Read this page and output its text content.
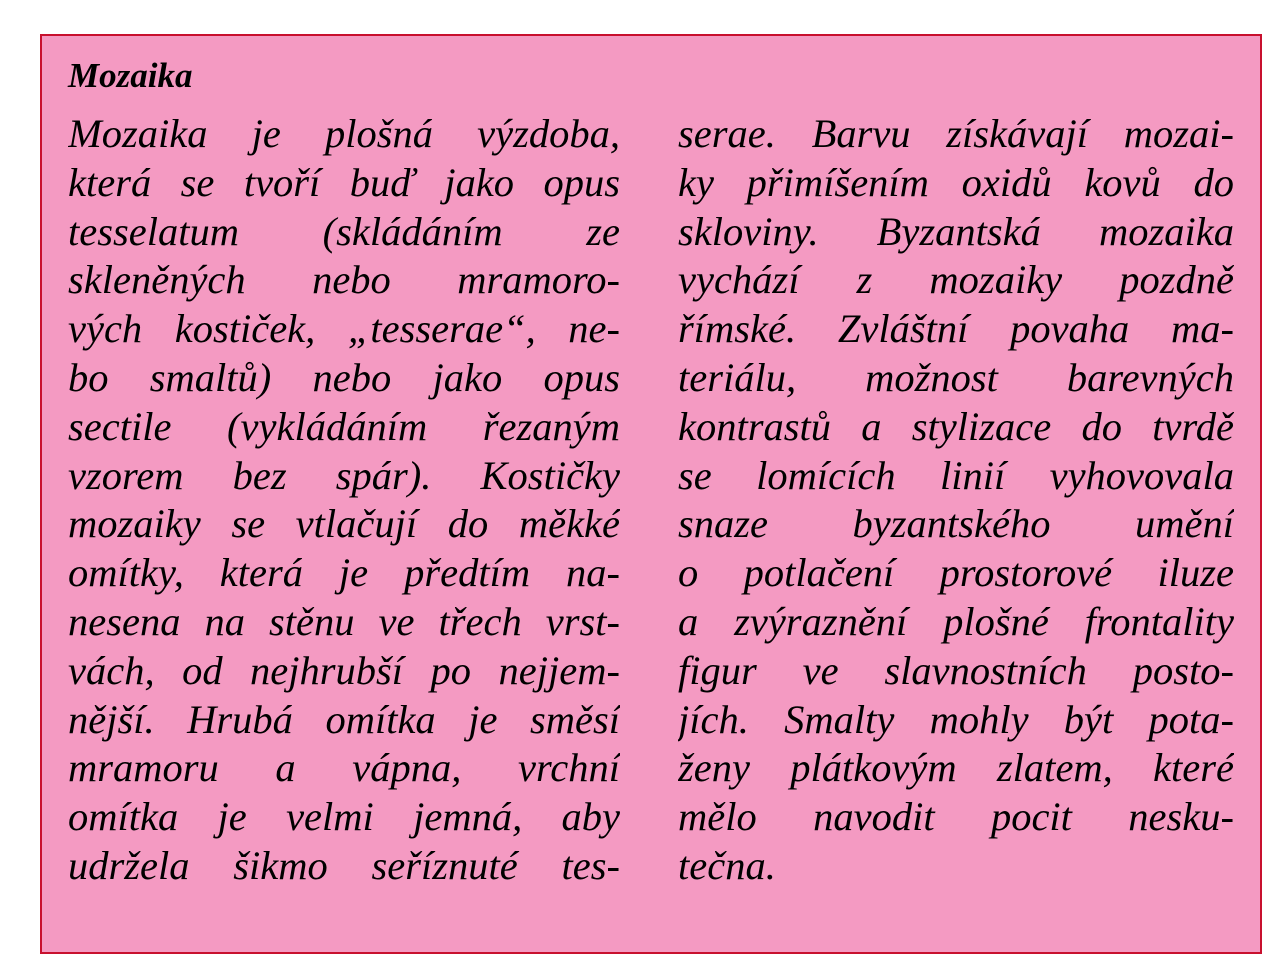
Mozaika
Mozaika je plošná výzdoba,
která se tvoří buď jako opus
tesselatum (skládáním ze
skleněných nebo mramoro-
vých kostiček, „tesserae“, ne-
bo smaltů) nebo jako opus
sectile (vykládáním řezaným
vzorem bez spár). Kostičky
mozaiky se vtlačují do měkké
omítky, která je předtím na-
nesena na stěnu ve třech vrst-
vách, od nejhrubší po nejjem-
nější. Hrubá omítka je směsí
mramoru a vápna, vrchní
omítka je velmi jemná, aby
udržela šikmo seříznuté tes-
serae. Barvu získávají mozai-
ky přimíšením oxidů kovů do
skloviny. Byzantská mozaika
vychází z mozaiky pozdně
římské. Zvláštní povaha ma-
teriálu, možnost barevných
kontrastů a stylizace do tvrdě
se lomících linií vyhovovala
snaze byzantského umění
o potlačení prostorové iluze
a zvýraznění plošné frontality
figur ve slavnostních posto-
jích. Smalty mohly být pota-
ženy plátkovým zlatem, které
mělo navodit pocit nesku-
tečna.
